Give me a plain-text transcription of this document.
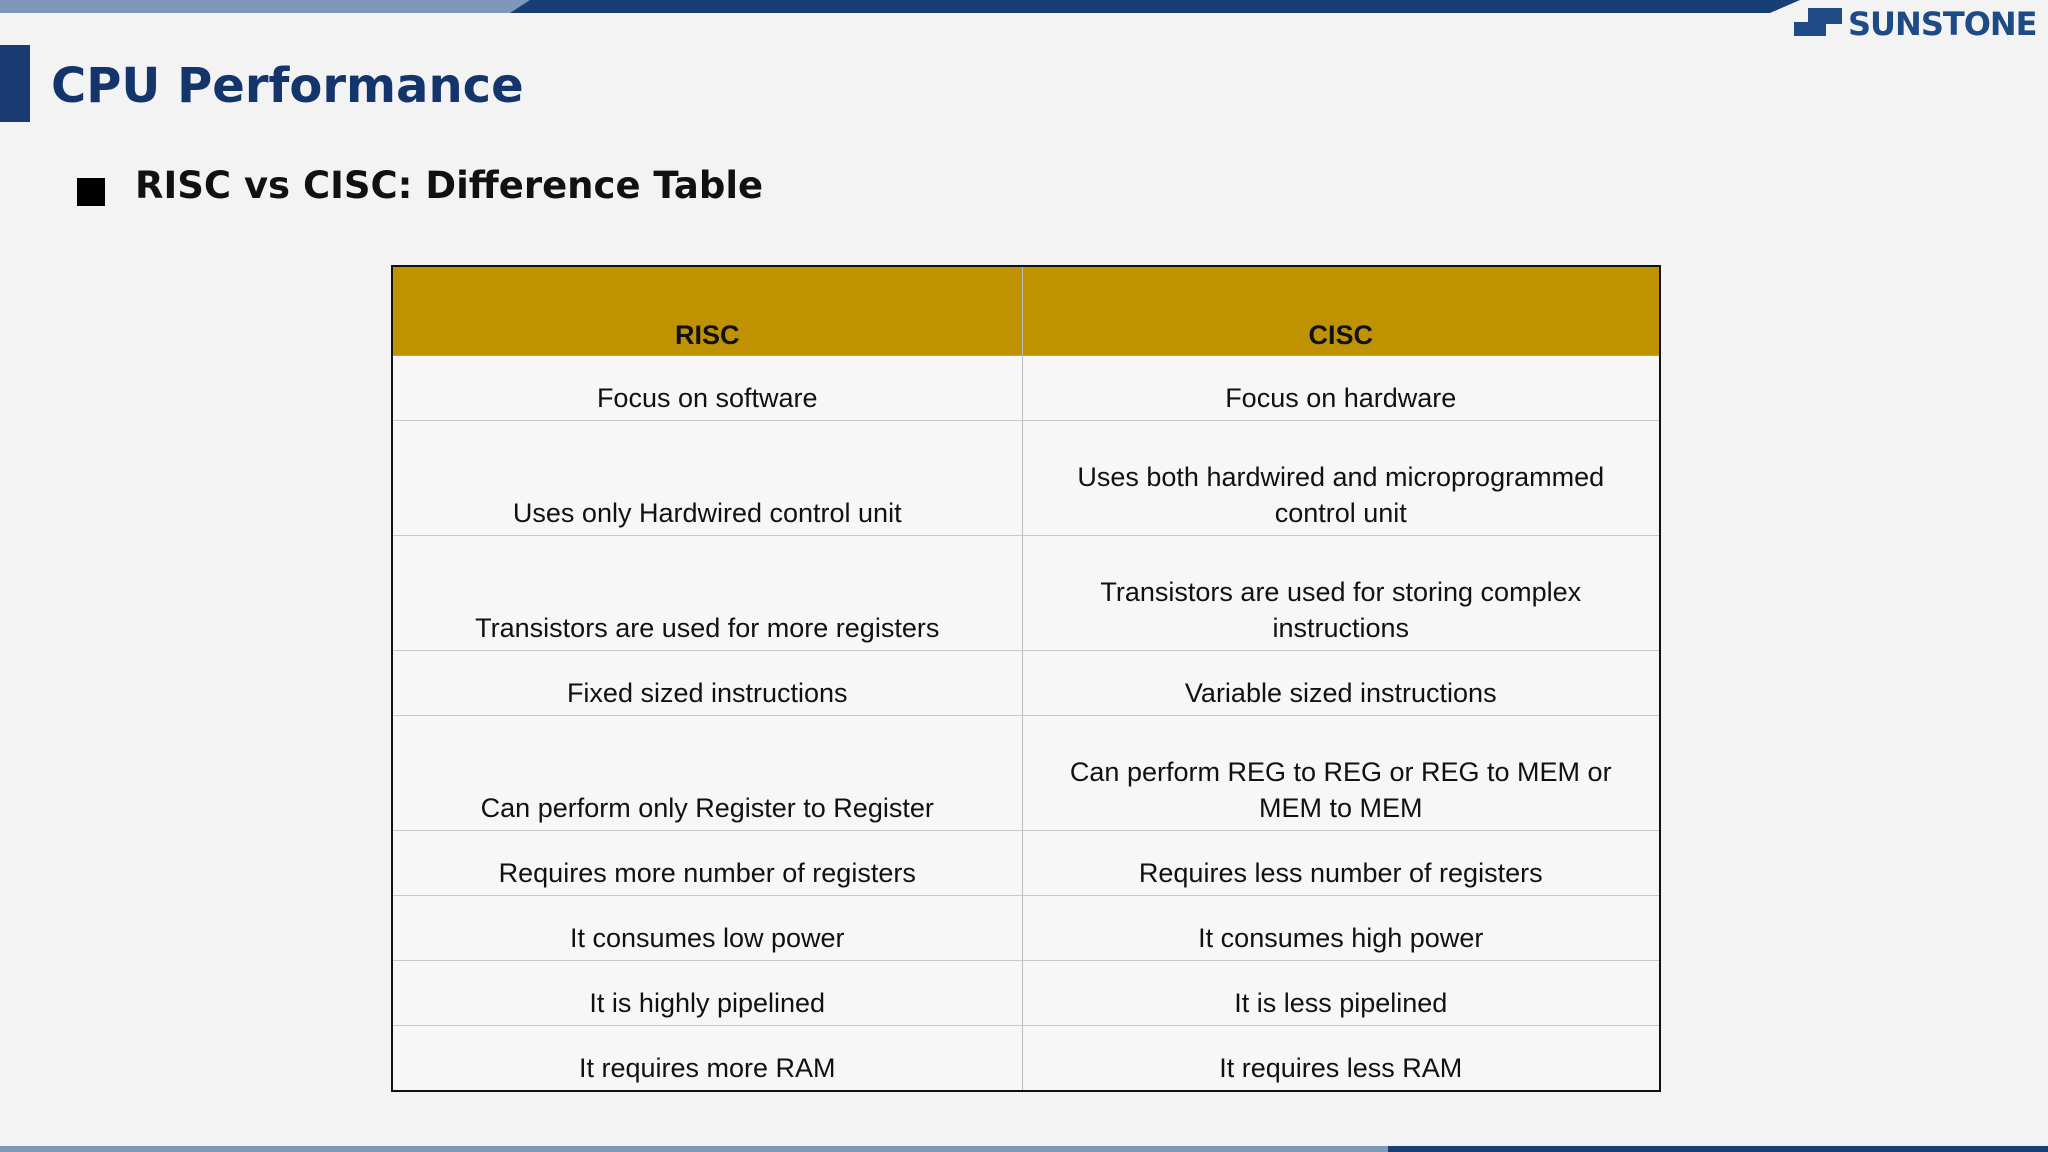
SUNSTONE
CPU Performance
RISC vs CISC: Difference Table
RISC	CISC
Focus on software	Focus on hardware
Uses only Hardwired control unit	Uses both hardwired and microprogrammed control unit
Transistors are used for more registers	Transistors are used for storing complex instructions
Fixed sized instructions	Variable sized instructions
Can perform only Register to Register	Can perform REG to REG or REG to MEM or MEM to MEM
Requires more number of registers	Requires less number of registers
It consumes low power	It consumes high power
It is highly pipelined	It is less pipelined
It requires more RAM	It requires less RAM
